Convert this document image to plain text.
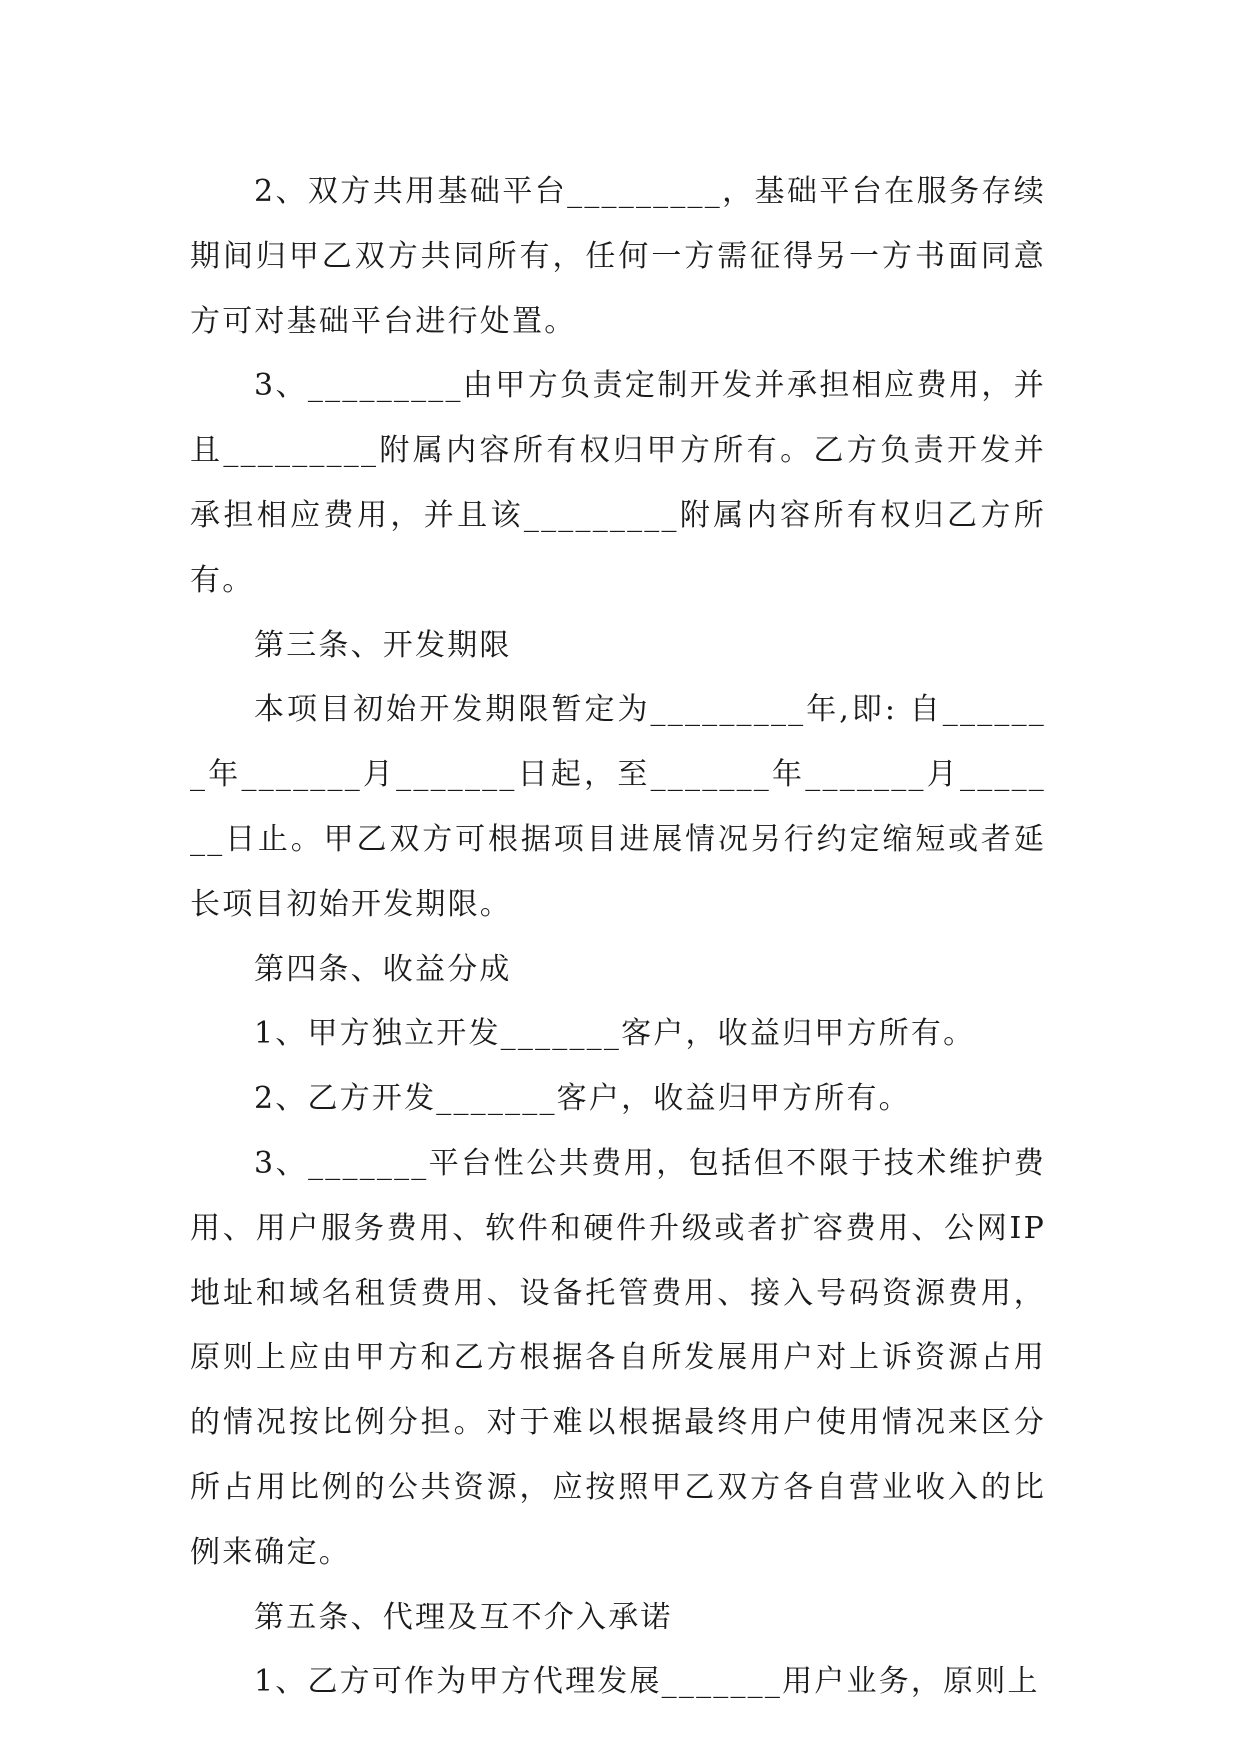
2、双方共用基础平台_________，基础平台在服务存续期间归甲乙双方共同所有，任何一方需征得另一方书面同意方可对基础平台进行处置。

3、_________由甲方负责定制开发并承担相应费用，并且_________附属内容所有权归甲方所有。乙方负责开发并承担相应费用，并且该_________附属内容所有权归乙方所有。

第三条、开发期限

本项目初始开发期限暂定为_________年,即: 自_______年_______月_______日起，至_______年_______月_______日止。甲乙双方可根据项目进展情况另行约定缩短或者延长项目初始开发期限。

第四条、收益分成

1、甲方独立开发_______客户，收益归甲方所有。

2、乙方开发_______客户，收益归甲方所有。

3、_______平台性公共费用，包括但不限于技术维护费用、用户服务费用、软件和硬件升级或者扩容费用、公网IP地址和域名租赁费用、设备托管费用、接入号码资源费用，原则上应由甲方和乙方根据各自所发展用户对上诉资源占用的情况按比例分担。对于难以根据最终用户使用情况来区分所占用比例的公共资源，应按照甲乙双方各自营业收入的比例来确定。

第五条、代理及互不介入承诺

1、乙方可作为甲方代理发展_______用户业务，原则上
